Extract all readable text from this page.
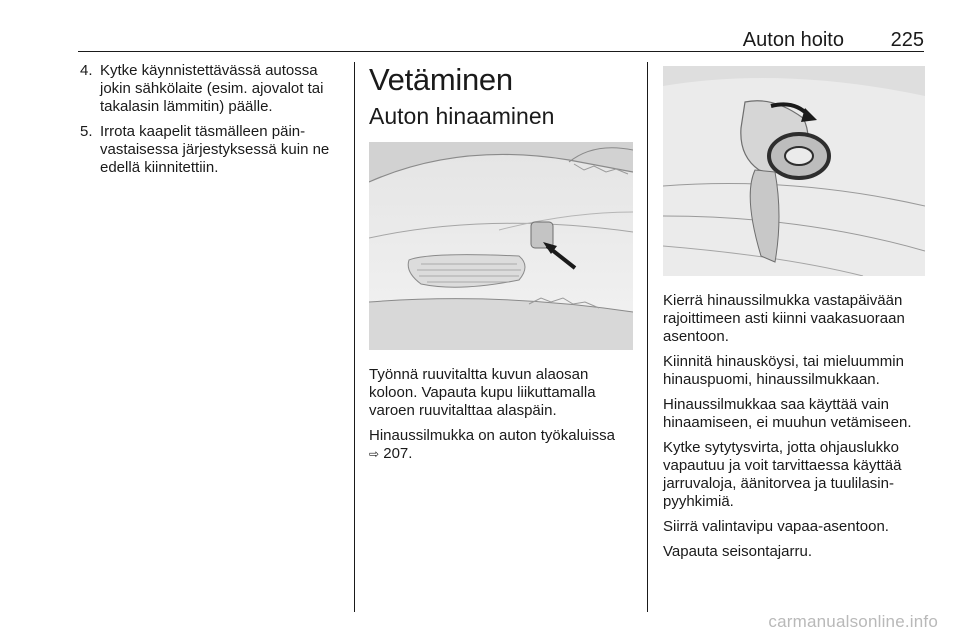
Auton hoito 225
4. Kytke käynnistettävässä autossa jokin sähkölaite (esim. ajovalot tai takalasin lämmitin) päälle.
5. Irrota kaapelit täsmälleen päin-vastaisessa järjestyksessä kuin ne edellä kiinnitettiin.
Vetäminen
Auton hinaaminen

Työnnä ruuvitaltta kuvun alaosan koloon. Vapauta kupu liikuttamalla varoen ruuvitalttaa alaspäin.

Hinaussilmukka on auton työkaluissa
⇨ 207.

Kierrä hinaussilmukka vastapäivään rajoittimeen asti kiinni vaakasuoraan asentoon.

Kiinnitä hinausköysi, tai mieluummin hinauspuomi, hinaussilmukkaan.

Hinaussilmukkaa saa käyttää vain hinaamiseen, ei muuhun vetämiseen.

Kytke sytytysvirta, jotta ohjauslukko vapautuu ja voit tarvittaessa käyttää jarruvaloja, äänitorvea ja tuulilasin-pyyhkimiä.

Siirrä valintavipu vapaa-asentoon.

Vapauta seisontajarru.

carmanualsonline.info
